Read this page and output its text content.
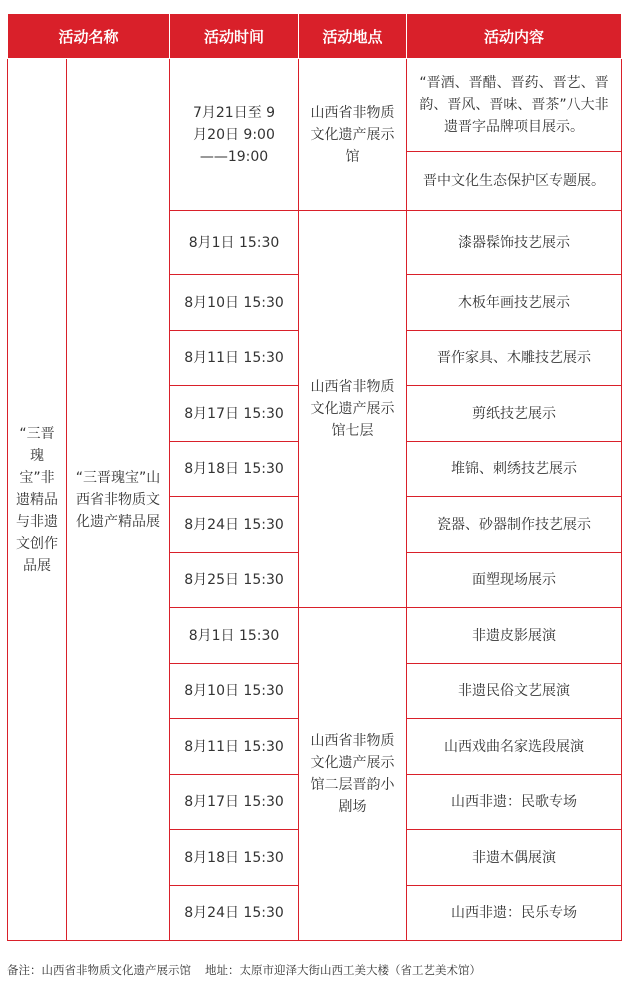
活动名称		活动时间	活动地点	活动内容
“三晋瑰宝”非遗精品与非遗文创作品展	“三晋瑰宝”山西省非物质文化遗产精品展	7月21日至 9月20日 9:00——19:00	山西省非物质文化遗产展示馆	“晋酒、晋醋、晋药、晋艺、晋韵、晋风、晋味、晋茶”八大非遗晋字品牌项目展示。
				晋中文化生态保护区专题展。
		8月1日 15:30	山西省非物质文化遗产展示馆七层	漆器髹饰技艺展示
		8月10日 15:30		木板年画技艺展示
		8月11日 15:30		晋作家具、木雕技艺展示
		8月17日 15:30		剪纸技艺展示
		8月18日 15:30		堆锦、刺绣技艺展示
		8月24日 15:30		瓷器、砂器制作技艺展示
		8月25日 15:30		面塑现场展示
		8月1日 15:30	山西省非物质文化遗产展示馆二层晋韵小剧场	非遗皮影展演
		8月10日 15:30		非遗民俗文艺展演
		8月11日 15:30		山西戏曲名家选段展演
		8月17日 15:30		山西非遗：民歌专场
		8月18日 15:30		非遗木偶展演
		8月24日 15:30		山西非遗：民乐专场
备注：山西省非物质文化遗产展示馆 地址：太原市迎泽大街山西工美大楼（省工艺美术馆）
